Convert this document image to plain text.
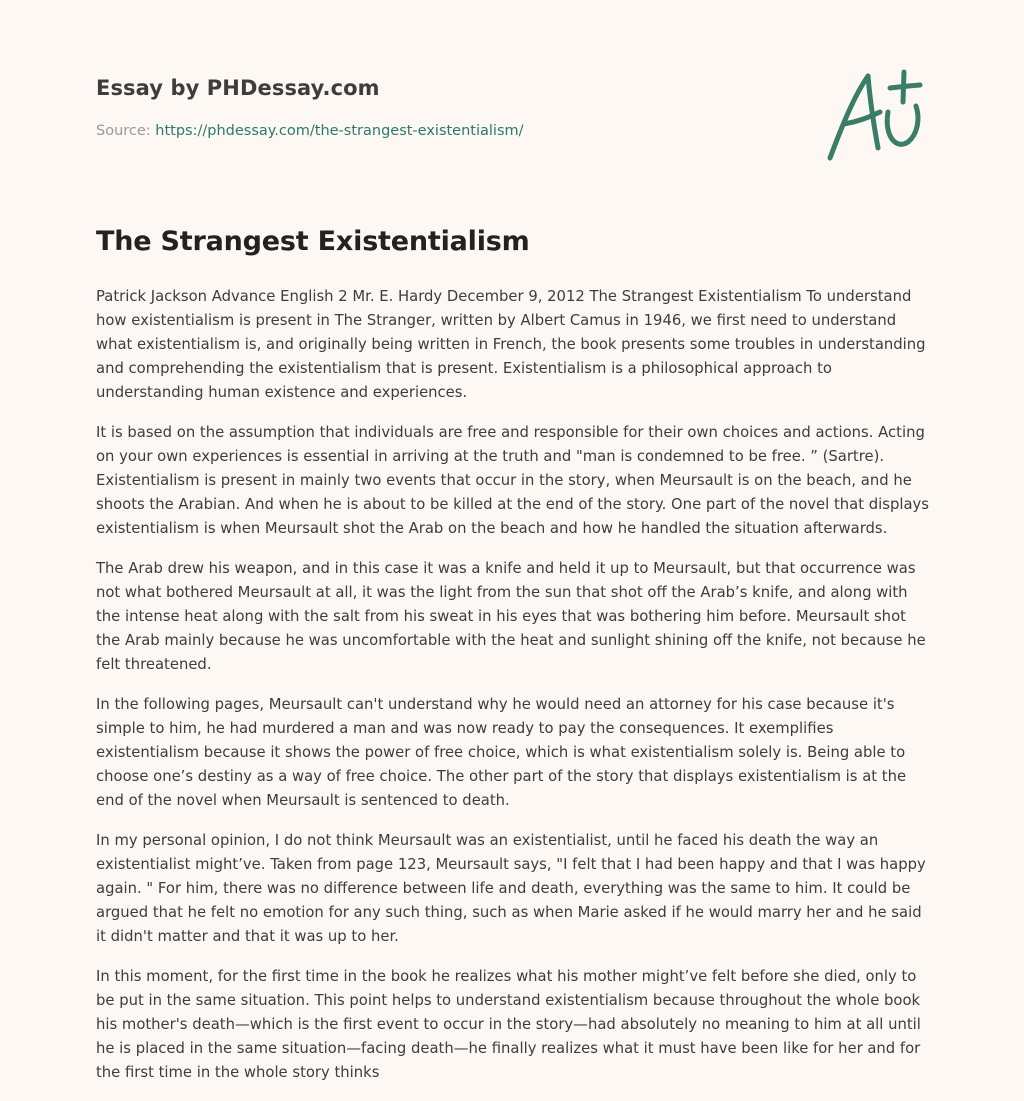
Essay by PHDessay.com
Source: https://phdessay.com/the-strangest-existentialism/
The Strangest Existentialism

Patrick Jackson Advance English 2 Mr. E. Hardy December 9, 2012 The Strangest Existentialism To understand how existentialism is present in The Stranger, written by Albert Camus in 1946, we first need to understand what existentialism is, and originally being written in French, the book presents some troubles in understanding and comprehending the existentialism that is present. Existentialism is a philosophical approach to understanding human existence and experiences.

It is based on the assumption that individuals are free and responsible for their own choices and actions. Acting on your own experiences is essential in arriving at the truth and "man is condemned to be free. ” (Sartre). Existentialism is present in mainly two events that occur in the story, when Meursault is on the beach, and he shoots the Arabian. And when he is about to be killed at the end of the story. One part of the novel that displays existentialism is when Meursault shot the Arab on the beach and how he handled the situation afterwards.

The Arab drew his weapon, and in this case it was a knife and held it up to Meursault, but that occurrence was not what bothered Meursault at all, it was the light from the sun that shot off the Arab’s knife, and along with the intense heat along with the salt from his sweat in his eyes that was bothering him before. Meursault shot the Arab mainly because he was uncomfortable with the heat and sunlight shining off the knife, not because he felt threatened.

In the following pages, Meursault can't understand why he would need an attorney for his case because it's simple to him, he had murdered a man and was now ready to pay the consequences. It exemplifies existentialism because it shows the power of free choice, which is what existentialism solely is. Being able to choose one’s destiny as a way of free choice. The other part of the story that displays existentialism is at the end of the novel when Meursault is sentenced to death.

In my personal opinion, I do not think Meursault was an existentialist, until he faced his death the way an existentialist might’ve. Taken from page 123, Meursault says, "I felt that I had been happy and that I was happy again. " For him, there was no difference between life and death, everything was the same to him. It could be argued that he felt no emotion for any such thing, such as when Marie asked if he would marry her and he said it didn't matter and that it was up to her.

In this moment, for the first time in the book he realizes what his mother might’ve felt before she died, only to be put in the same situation. This point helps to understand existentialism because throughout the whole book his mother's death—which is the first event to occur in the story—had absolutely no meaning to him at all until he is placed in the same situation—facing death—he finally realizes what it must have been like for her and for the first time in the whole story thinks
